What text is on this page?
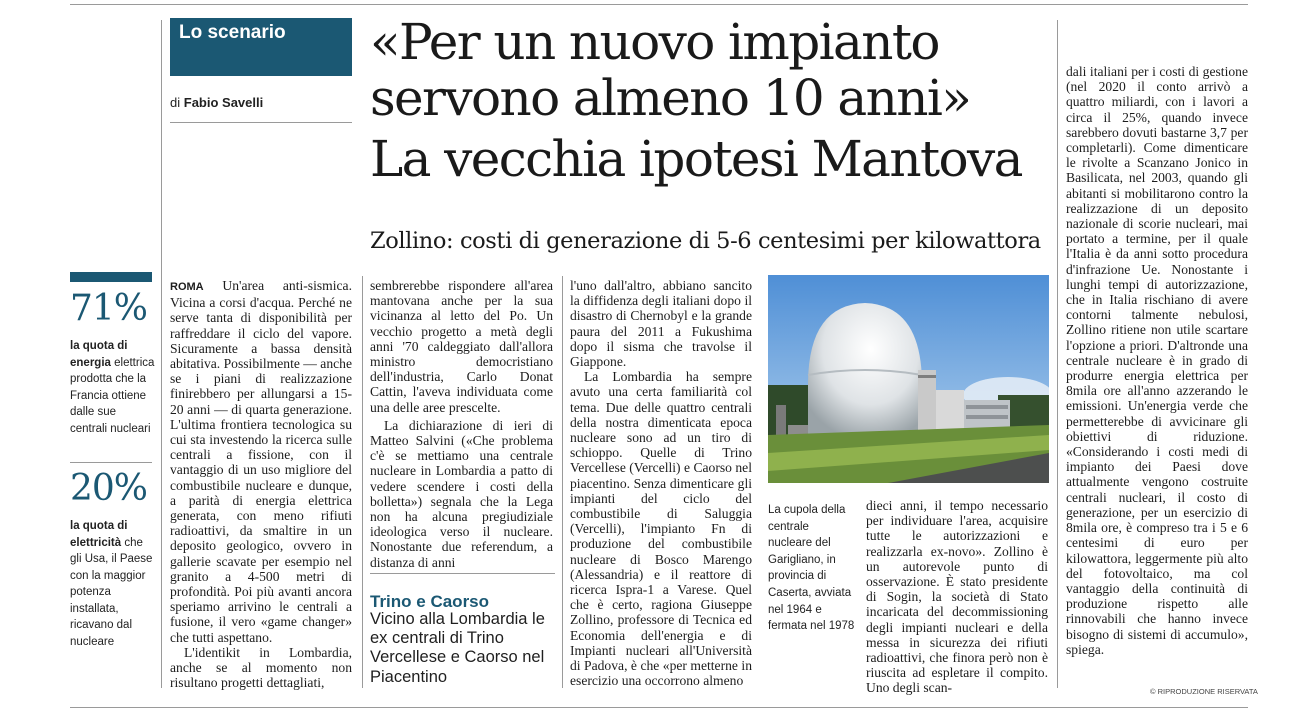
Lo scenario
di Fabio Savelli
«Per un nuovo impianto
servono almeno 10 anni»
La vecchia ipotesi Mantova
Zollino: costi di generazione di 5-6 centesimi per kilowattora
71%
la quota di energia elettrica prodotta che la Francia ottiene dalle sue centrali nucleari
20%
la quota di elettricità che gli Usa, il Paese con la maggior potenza installata, ricavano dal nucleare

ROMA Un'area anti-sismica. Vicina a corsi d'acqua. Perché ne serve tanta di disponibilità per raffreddare il ciclo del vapore. Sicuramente a bassa densità abitativa. Possibilmente — anche se i piani di realizzazione finirebbero per allungarsi a 15-20 anni — di quarta generazione. L'ultima frontiera tecnologica su cui sta investendo la ricerca sulle centrali a fissione, con il vantaggio di un uso migliore del combustibile nucleare e dunque, a parità di energia elettrica generata, con meno rifiuti radioattivi, da smaltire in un deposito geologico, ovvero in gallerie scavate per esempio nel granito a 4-500 metri di profondità. Poi più avanti ancora speriamo arrivino le centrali a fusione, il vero «game changer» che tutti aspettano.

L'identikit in Lombardia, anche se al momento non risultano progetti dettagliati,

sembrerebbe rispondere all'area mantovana anche per la sua vicinanza al letto del Po. Un vecchio progetto a metà degli anni '70 caldeggiato dall'allora ministro democristiano dell'industria, Carlo Donat Cattin, l'aveva individuata come una delle aree prescelte.

La dichiarazione di ieri di Matteo Salvini («Che problema c'è se mettiamo una centrale nucleare in Lombardia a patto di vedere scendere i costi della bolletta») segnala che la Lega non ha alcuna pregiudiziale ideologica verso il nucleare. Nonostante due referendum, a distanza di anni

Trino e Caorso
Vicino alla Lombardia le ex centrali di Trino Vercellese e Caorso nel Piacentino

l'uno dall'altro, abbiano sancito la diffidenza degli italiani dopo il disastro di Chernobyl e la grande paura del 2011 a Fukushima dopo il sisma che travolse il Giappone.

La Lombardia ha sempre avuto una certa familiarità col tema. Due delle quattro centrali della nostra dimenticata epoca nucleare sono ad un tiro di schioppo. Quelle di Trino Vercellese (Vercelli) e Caorso nel piacentino. Senza dimenticare gli impianti del ciclo del combustibile di Saluggia (Vercelli), l'impianto Fn di produzione del combustibile nucleare di Bosco Marengo (Alessandria) e il reattore di ricerca Ispra-1 a Varese. Quel che è certo, ragiona Giuseppe Zollino, professore di Tecnica ed Economia dell'energia e di Impianti nucleari all'Università di Padova, è che «per metterne in esercizio una occorrono almeno

La cupola della centrale nucleare del Garigliano, in provincia di Caserta, avviata nel 1964 e fermata nel 1978

dieci anni, il tempo necessario per individuare l'area, acquisire tutte le autorizzazioni e realizzarla ex-novo». Zollino è un autorevole punto di osservazione. È stato presidente di Sogin, la società di Stato incaricata del decommissioning degli impianti nucleari e della messa in sicurezza dei rifiuti radioattivi, che finora però non è riuscita ad espletare il compito. Uno degli scan-

dali italiani per i costi di gestione (nel 2020 il conto arrivò a quattro miliardi, con i lavori a circa il 25%, quando invece sarebbero dovuti bastarne 3,7 per completarli). Come dimenticare le rivolte a Scanzano Jonico in Basilicata, nel 2003, quando gli abitanti si mobilitarono contro la realizzazione di un deposito nazionale di scorie nucleari, mai portato a termine, per il quale l'Italia è da anni sotto procedura d'infrazione Ue. Nonostante i lunghi tempi di autorizzazione, che in Italia rischiano di avere contorni talmente nebulosi, Zollino ritiene non utile scartare l'opzione a priori. D'altronde una centrale nucleare è in grado di produrre energia elettrica per 8mila ore all'anno azzerando le emissioni. Un'energia verde che permetterebbe di avvicinare gli obiettivi di riduzione. «Considerando i costi medi di impianto dei Paesi dove attualmente vengono costruite centrali nucleari, il costo di generazione, per un esercizio di 8mila ore, è compreso tra i 5 e 6 centesimi di euro per kilowattora, leggermente più alto del fotovoltaico, ma col vantaggio della continuità di produzione rispetto alle rinnovabili che hanno invece bisogno di sistemi di accumulo», spiega.

© RIPRODUZIONE RISERVATA
